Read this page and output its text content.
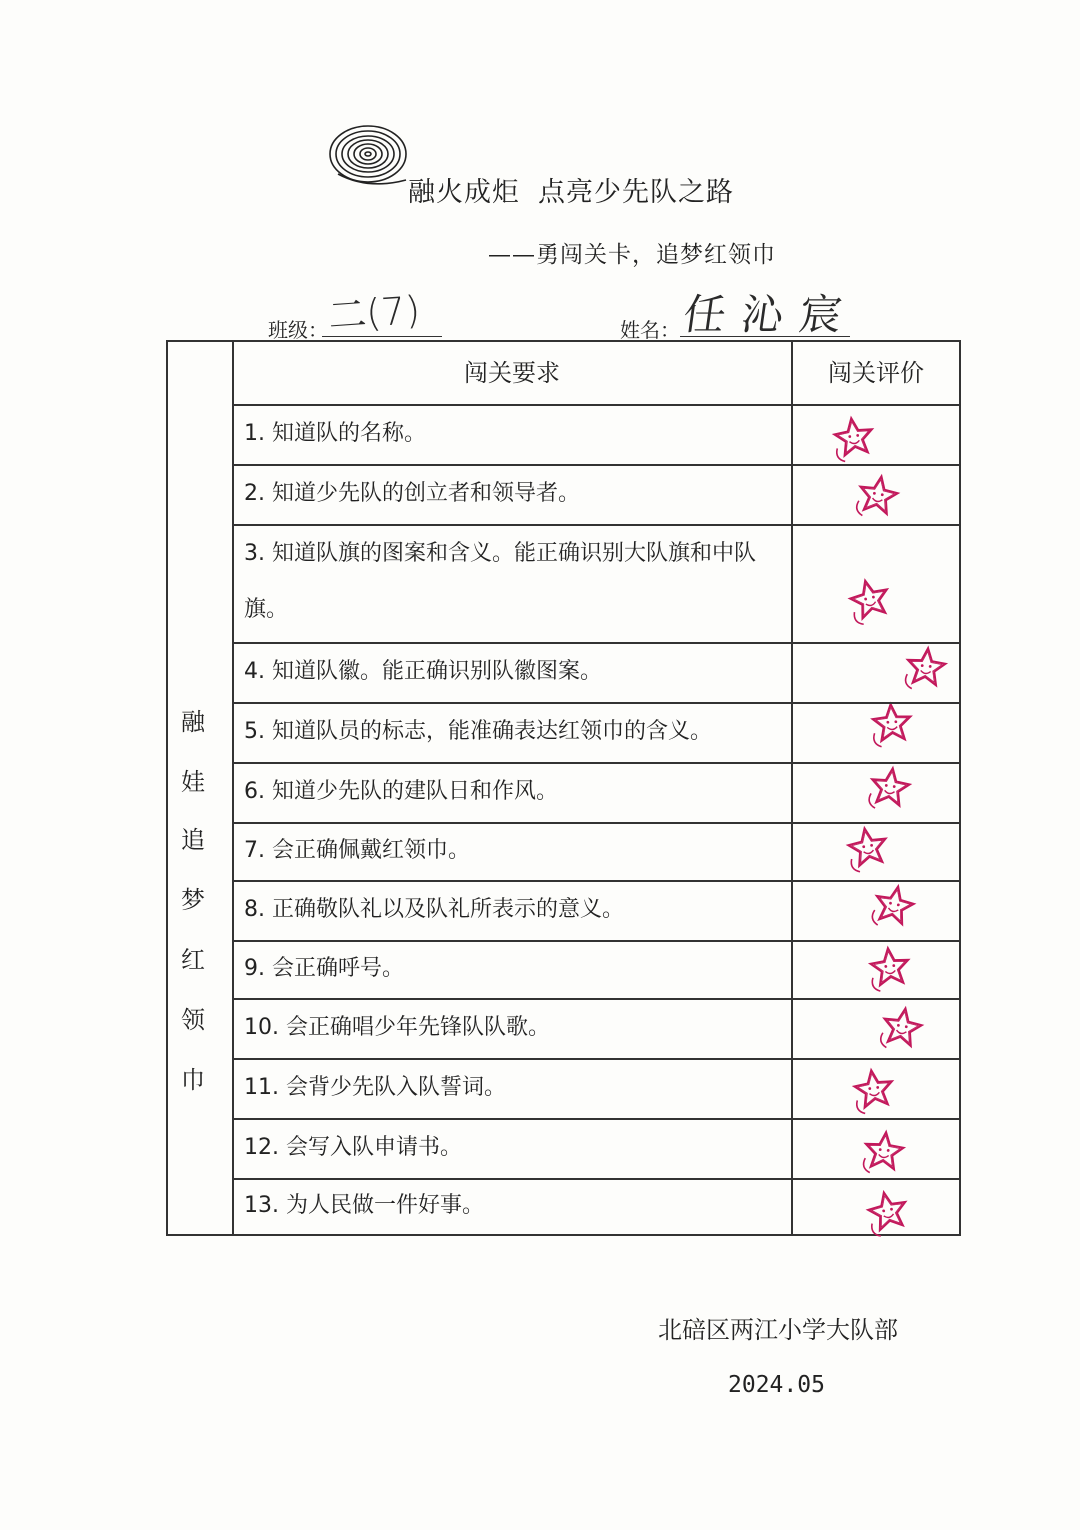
融火成炬 点亮少先队之路
——勇闯关卡，追梦红领巾
班级：
二(7)	姓名： 任沁宸
融
娃
追
梦
红
领
巾
闯关要求	闯关评价
1. 知道队的名称。
2. 知道少先队的创立者和领导者。
3. 知道队旗的图案和含义。能正确识别大队旗和中队旗。
4. 知道队徽。能正确识别队徽图案。
5. 知道队员的标志，能准确表达红领巾的含义。
6. 知道少先队的建队日和作风。
7. 会正确佩戴红领巾。
8. 正确敬队礼以及队礼所表示的意义。
9. 会正确呼号。
10. 会正确唱少年先锋队队歌。
11. 会背少先队入队誓词。
12. 会写入队申请书。
13. 为人民做一件好事。
北碚区两江小学大队部
2024.05
